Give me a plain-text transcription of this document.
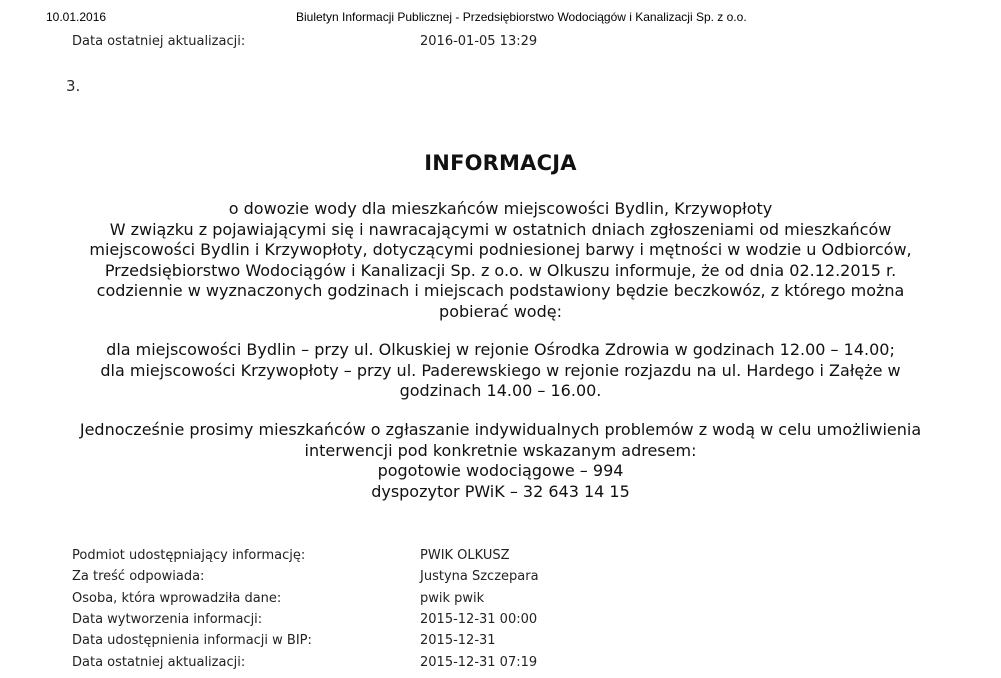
10.01.2016	Biuletyn Informacji Publicznej - Przedsiębiorstwo Wodociągów i Kanalizacji Sp. z o.o.
Data ostatniej aktualizacji:	2016-01-05 13:29
3.
INFORMACJA

o dowozie wody dla mieszkańców miejscowości Bydlin, Krzywopłoty

W związku z pojawiającymi się i nawracającymi w ostatnich dniach zgłoszeniami od mieszkańców

miejscowości Bydlin i Krzywopłoty, dotyczącymi podniesionej barwy i mętności w wodzie u Odbiorców,

Przedsiębiorstwo Wodociągów i Kanalizacji Sp. z o.o. w Olkuszu informuje, że od dnia 02.12.2015 r.

codziennie w wyznaczonych godzinach i miejscach podstawiony będzie beczkowóz, z którego można

pobierać wodę:

dla miejscowości Bydlin – przy ul. Olkuskiej w rejonie Ośrodka Zdrowia w godzinach 12.00 – 14.00;

dla miejscowości Krzywopłoty – przy ul. Paderewskiego w rejonie rozjazdu na ul. Hardego i Załęże w

godzinach 14.00 – 16.00.

Jednocześnie prosimy mieszkańców o zgłaszanie indywidualnych problemów z wodą w celu umożliwienia

interwencji pod konkretnie wskazanym adresem:

pogotowie wodociągowe – 994

dyspozytor PWiK – 32 643 14 15

Podmiot udostępniający informację:	PWIK OLKUSZ
Za treść odpowiada:	Justyna Szczepara
Osoba, która wprowadziła dane:	pwik pwik
Data wytworzenia informacji:	2015-12-31 00:00
Data udostępnienia informacji w BIP:	2015-12-31
Data ostatniej aktualizacji:	2015-12-31 07:19
